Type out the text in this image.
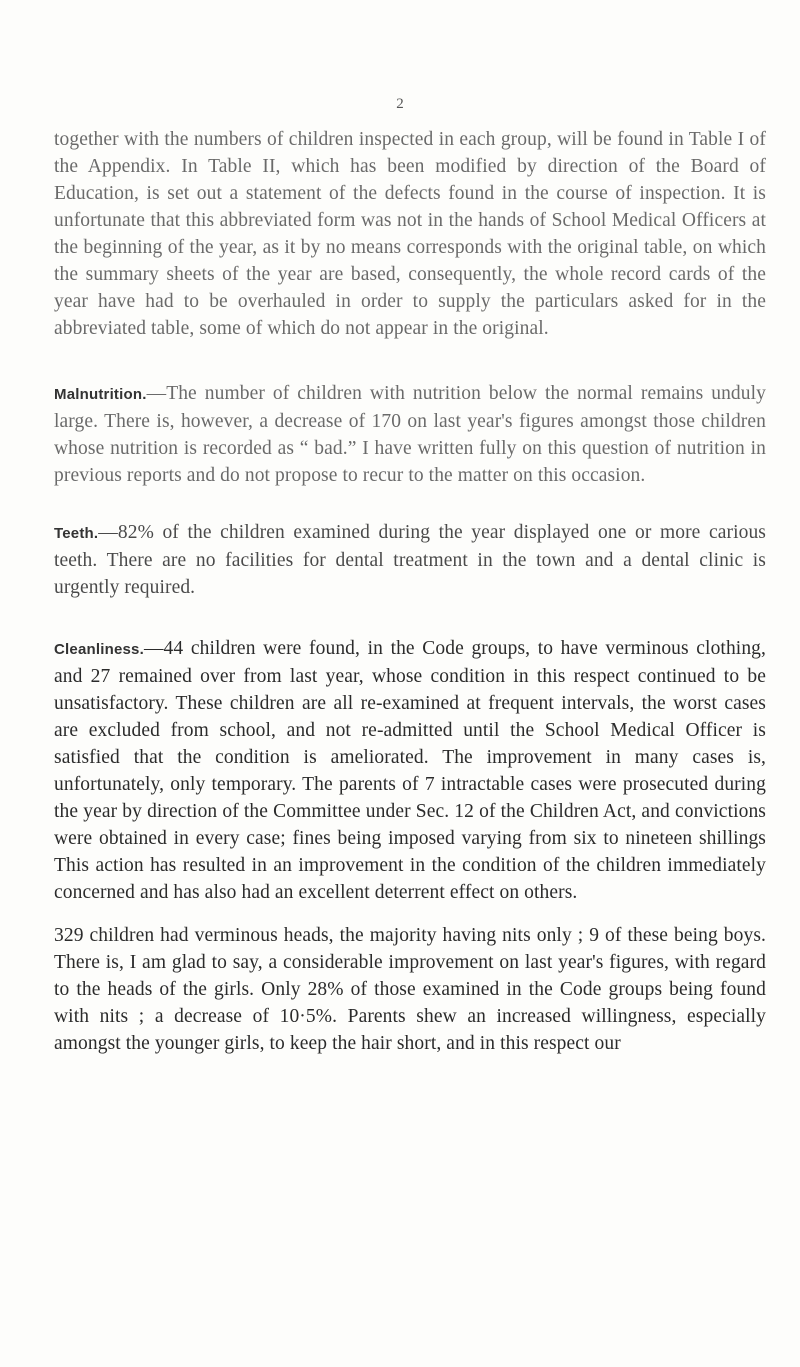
2

together with the numbers of children inspected in each group, will be found in Table I of the Appendix. In Table II, which has been modified by direction of the Board of Education, is set out a statement of the defects found in the course of inspection. It is unfortunate that this abbreviated form was not in the hands of School Medical Officers at the beginning of the year, as it by no means corresponds with the original table, on which the summary sheets of the year are based, consequently, the whole record cards of the year have had to be overhauled in order to supply the particulars asked for in the abbreviated table, some of which do not appear in the original.

Malnutrition.—The number of children with nutrition below the normal remains unduly large. There is, however, a decrease of 170 on last year's figures amongst those children whose nutrition is recorded as “ bad.” I have written fully on this question of nutrition in previous reports and do not propose to recur to the matter on this occasion.

Teeth.—82% of the children examined during the year displayed one or more carious teeth. There are no facilities for dental treatment in the town and a dental clinic is urgently required.

Cleanliness.—44 children were found, in the Code groups, to have verminous clothing, and 27 remained over from last year, whose condition in this respect continued to be unsatisfactory. These children are all re-examined at frequent intervals, the worst cases are excluded from school, and not re-admitted until the School Medical Officer is satisfied that the condition is ameliorated. The improvement in many cases is, unfortunately, only temporary. The parents of 7 intractable cases were prosecuted during the year by direction of the Committee under Sec. 12 of the Children Act, and convictions were obtained in every case; fines being imposed varying from six to nineteen shillings This action has resulted in an improvement in the condition of the children immediately concerned and has also had an excellent deterrent effect on others.

329 children had verminous heads, the majority having nits only ; 9 of these being boys. There is, I am glad to say, a considerable improvement on last year's figures, with regard to the heads of the girls. Only 28% of those examined in the Code groups being found with nits ; a decrease of 10·5%. Parents shew an increased willingness, especially amongst the younger girls, to keep the hair short, and in this respect our
